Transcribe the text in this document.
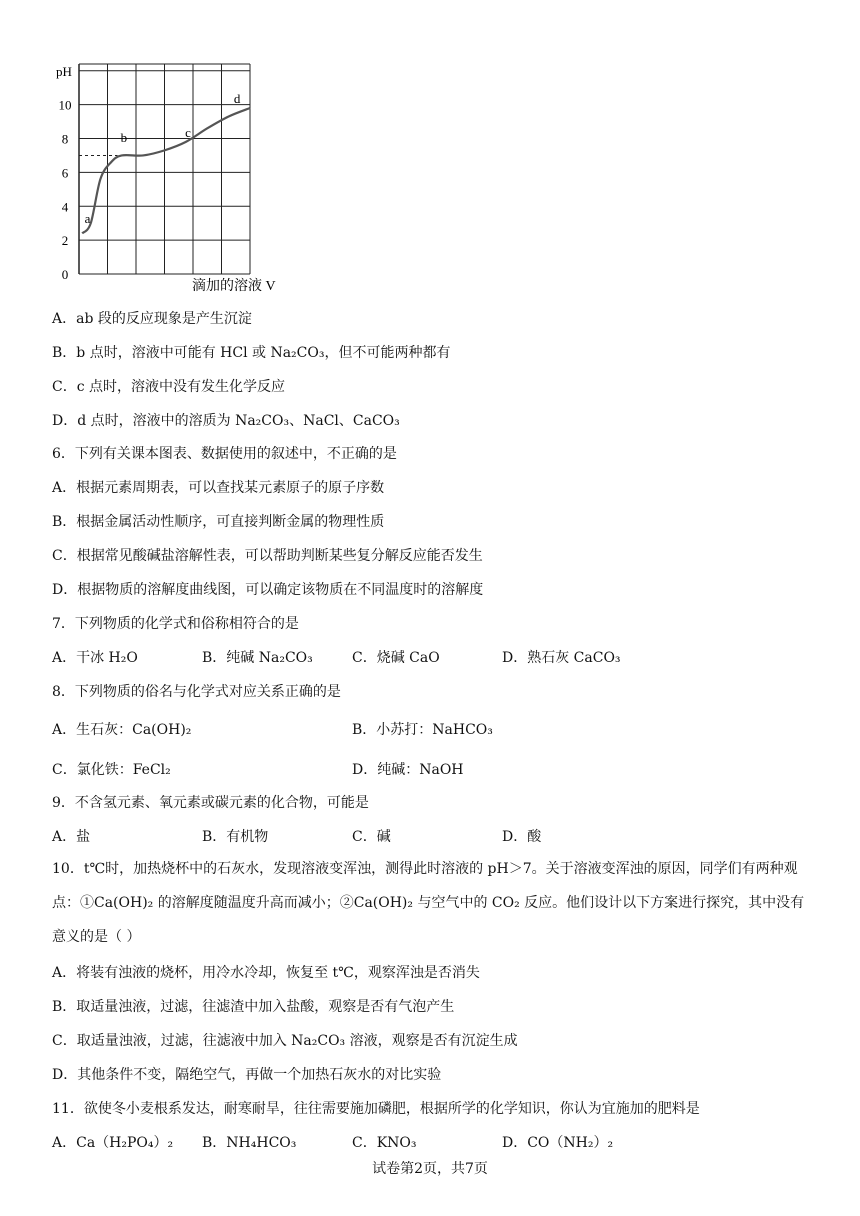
0
2
4
6
8
10
a
b	c
d
pH
滴加的溶液 V
A．ab 段的反应现象是产生沉淀
B．b 点时，溶液中可能有 HCl 或 Na₂CO₃，但不可能两种都有
C．c 点时，溶液中没有发生化学反应
D．d 点时，溶液中的溶质为 Na₂CO₃、NaCl、CaCO₃
6．下列有关课本图表、数据使用的叙述中，不正确的是
A．根据元素周期表，可以查找某元素原子的原子序数
B．根据金属活动性顺序，可直接判断金属的物理性质
C．根据常见酸碱盐溶解性表，可以帮助判断某些复分解反应能否发生
D．根据物质的溶解度曲线图，可以确定该物质在不同温度时的溶解度
7．下列物质的化学式和俗称相符合的是
A．干冰 H₂O	B．纯碱 Na₂CO₃	C．烧碱 CaO	D．熟石灰 CaCO₃
8．下列物质的俗名与化学式对应关系正确的是
A．生石灰：Ca(OH)₂	B．小苏打：NaHCO₃
C．氯化铁：FeCl₂	D．纯碱：NaOH
9．不含氢元素、氧元素或碳元素的化合物，可能是
A．盐	B．有机物	C．碱	D．酸
10．t℃时，加热烧杯中的石灰水，发现溶液变浑浊，测得此时溶液的 pH＞7。关于溶液变浑浊的原因，同学们有两种观点：①Ca(OH)₂ 的溶解度随温度升高而减小；②Ca(OH)₂ 与空气中的 CO₂ 反应。他们设计以下方案进行探究，其中没有意义的是（ ）
A．将装有浊液的烧杯，用冷水冷却，恢复至 t℃，观察浑浊是否消失
B．取适量浊液，过滤，往滤渣中加入盐酸，观察是否有气泡产生
C．取适量浊液，过滤，往滤液中加入 Na₂CO₃ 溶液，观察是否有沉淀生成
D．其他条件不变，隔绝空气，再做一个加热石灰水的对比实验
11．欲使冬小麦根系发达，耐寒耐旱，往往需要施加磷肥，根据所学的化学知识，你认为宜施加的肥料是
A．Ca（H₂PO₄）₂ B．NH₄HCO₃	C．KNO₃	D．CO（NH₂）₂
试卷第2页，共7页
